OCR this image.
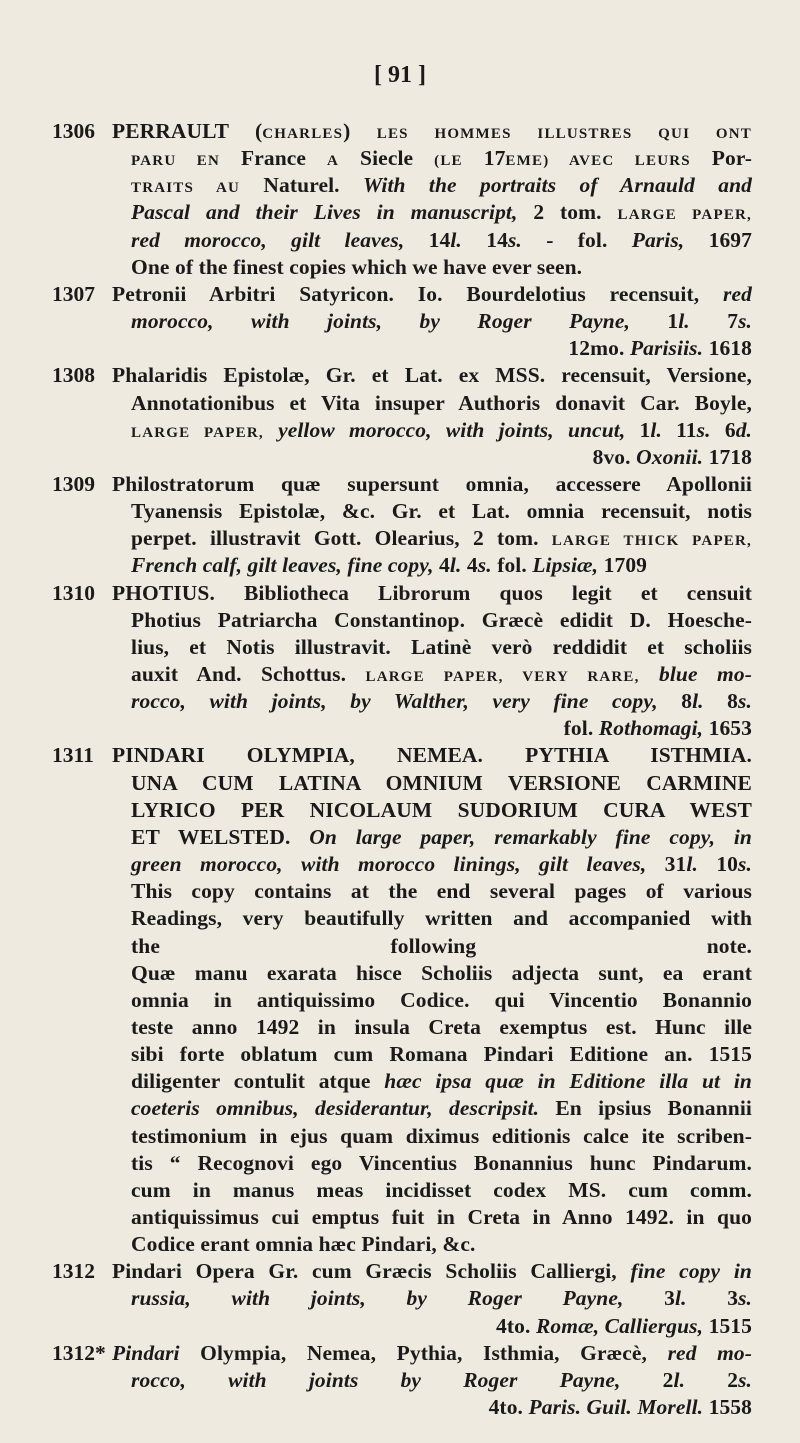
[ 91 ]
1306 PERRAULT (CHARLES) LES HOMMES ILLUSTRES QUI ONT
PARU EN France A Siecle (LE 17EME) AVEC LEURS Por-
TRAITS AU Naturel. With the portraits of Arnauld and
Pascal and their Lives in manuscript, 2 tom. LARGE PAPER,
red morocco, gilt leaves, 14l. 14s. - fol. Paris, 1697
One of the finest copies which we have ever seen.
1307 Petronii Arbitri Satyricon. Io. Bourdelotius recensuit, red
morocco, with joints, by Roger Payne, 1l. 7s.
12mo. Parisiis. 1618
1308 Phalaridis Epistolæ, Gr. et Lat. ex MSS. recensuit, Versione,
Annotationibus et Vita insuper Authoris donavit Car. Boyle,
LARGE PAPER, yellow morocco, with joints, uncut, 1l. 11s. 6d.
8vo. Oxonii. 1718
1309 Philostratorum quæ supersunt omnia, accessere Apollonii
Tyanensis Epistolæ, &c. Gr. et Lat. omnia recensuit, notis
perpet. illustravit Gott. Olearius, 2 tom. LARGE THICK PAPER,
French calf, gilt leaves, fine copy, 4l. 4s. fol. Lipsiæ, 1709
1310 PHOTIUS. Bibliotheca Librorum quos legit et censuit
Photius Patriarcha Constantinop. Græcè edidit D. Hoesche-
lius, et Notis illustravit. Latinè verò reddidit et scholiis
auxit And. Schottus. LARGE PAPER, VERY RARE, blue mo-
rocco, with joints, by Walther, very fine copy, 8l. 8s.
fol. Rothomagi, 1653
1311 PINDARI OLYMPIA, NEMEA. PYTHIA ISTHMIA.
UNA CUM LATINA OMNIUM VERSIONE CARMINE
LYRICO PER NICOLAUM SUDORIUM CURA WEST
ET WELSTED. On large paper, remarkably fine copy, in
green morocco, with morocco linings, gilt leaves, 31l. 10s.
This copy contains at the end several pages of various
Readings, very beautifully written and accompanied with
the following note.
Quæ manu exarata hisce Scholiis adjecta sunt, ea erant
omnia in antiquissimo Codice. qui Vincentio Bonannio
teste anno 1492 in insula Creta exemptus est. Hunc ille
sibi forte oblatum cum Romana Pindari Editione an. 1515
diligenter contulit atque hæc ipsa quæ in Editione illa ut in
coeteris omnibus, desiderantur, descripsit. En ipsius Bonannii
testimonium in ejus quam diximus editionis calce ite scriben-
tis “ Recognovi ego Vincentius Bonannius hunc Pindarum.
cum in manus meas incidisset codex MS. cum comm.
antiquissimus cui emptus fuit in Creta in Anno 1492. in quo
Codice erant omnia hæc Pindari, &c.
1312 Pindari Opera Gr. cum Græcis Scholiis Calliergi, fine copy in
russia, with joints, by Roger Payne, 3l. 3s.
4to. Romæ, Calliergus, 1515
1312* Pindari Olympia, Nemea, Pythia, Isthmia, Græcè, red mo-
rocco, with joints by Roger Payne, 2l. 2s.
4to. Paris. Guil. Morell. 1558
